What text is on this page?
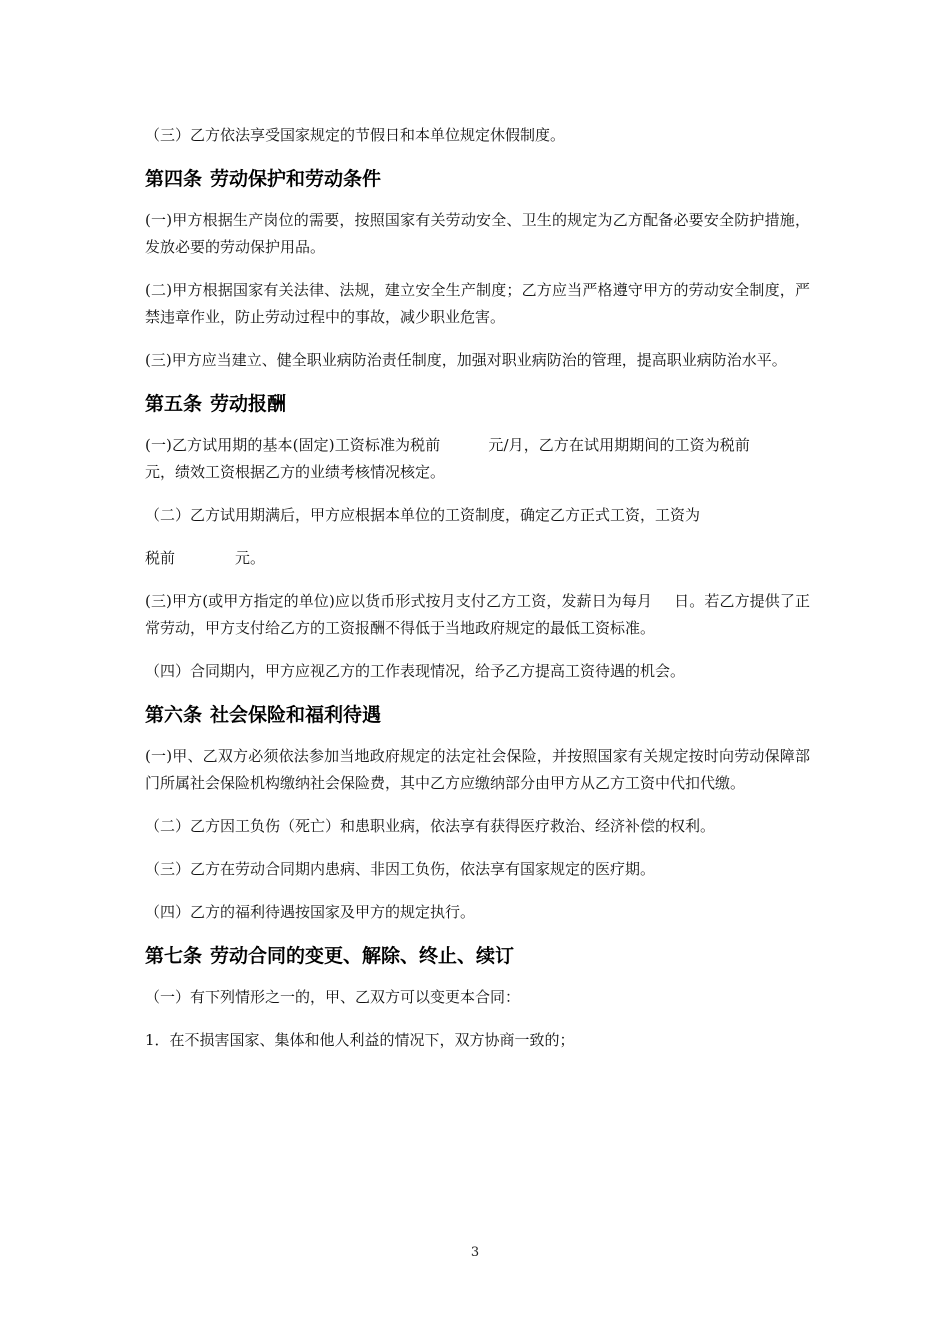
（三）乙方依法享受国家规定的节假日和本单位规定休假制度。

第四条 劳动保护和劳动条件

(一)甲方根据生产岗位的需要，按照国家有关劳动安全、卫生的规定为乙方配备必要安全防护措施，发放必要的劳动保护用品。

(二)甲方根据国家有关法律、法规，建立安全生产制度；乙方应当严格遵守甲方的劳动安全制度，严禁违章作业，防止劳动过程中的事故，减少职业危害。

(三)甲方应当建立、健全职业病防治责任制度，加强对职业病防治的管理，提高职业病防治水平。

第五条 劳动报酬

(一)乙方试用期的基本(固定)工资标准为税前	元/月，乙方在试用期期间的工资为税前元，绩效工资根据乙方的业绩考核情况核定。

（二）乙方试用期满后，甲方应根据本单位的工资制度，确定乙方正式工资，工资为

税前	元。

(三)甲方(或甲方指定的单位)应以货币形式按月支付乙方工资，发薪日为每月 日。若乙方提供了正常劳动，甲方支付给乙方的工资报酬不得低于当地政府规定的最低工资标准。

（四）合同期内，甲方应视乙方的工作表现情况，给予乙方提高工资待遇的机会。

第六条 社会保险和福利待遇

(一)甲、乙双方必须依法参加当地政府规定的法定社会保险，并按照国家有关规定按时向劳动保障部门所属社会保险机构缴纳社会保险费，其中乙方应缴纳部分由甲方从乙方工资中代扣代缴。

（二）乙方因工负伤（死亡）和患职业病，依法享有获得医疗救治、经济补偿的权利。

（三）乙方在劳动合同期内患病、非因工负伤，依法享有国家规定的医疗期。

（四）乙方的福利待遇按国家及甲方的规定执行。

第七条 劳动合同的变更、解除、终止、续订

（一）有下列情形之一的，甲、乙双方可以变更本合同：

1．在不损害国家、集体和他人利益的情况下，双方协商一致的；

3
